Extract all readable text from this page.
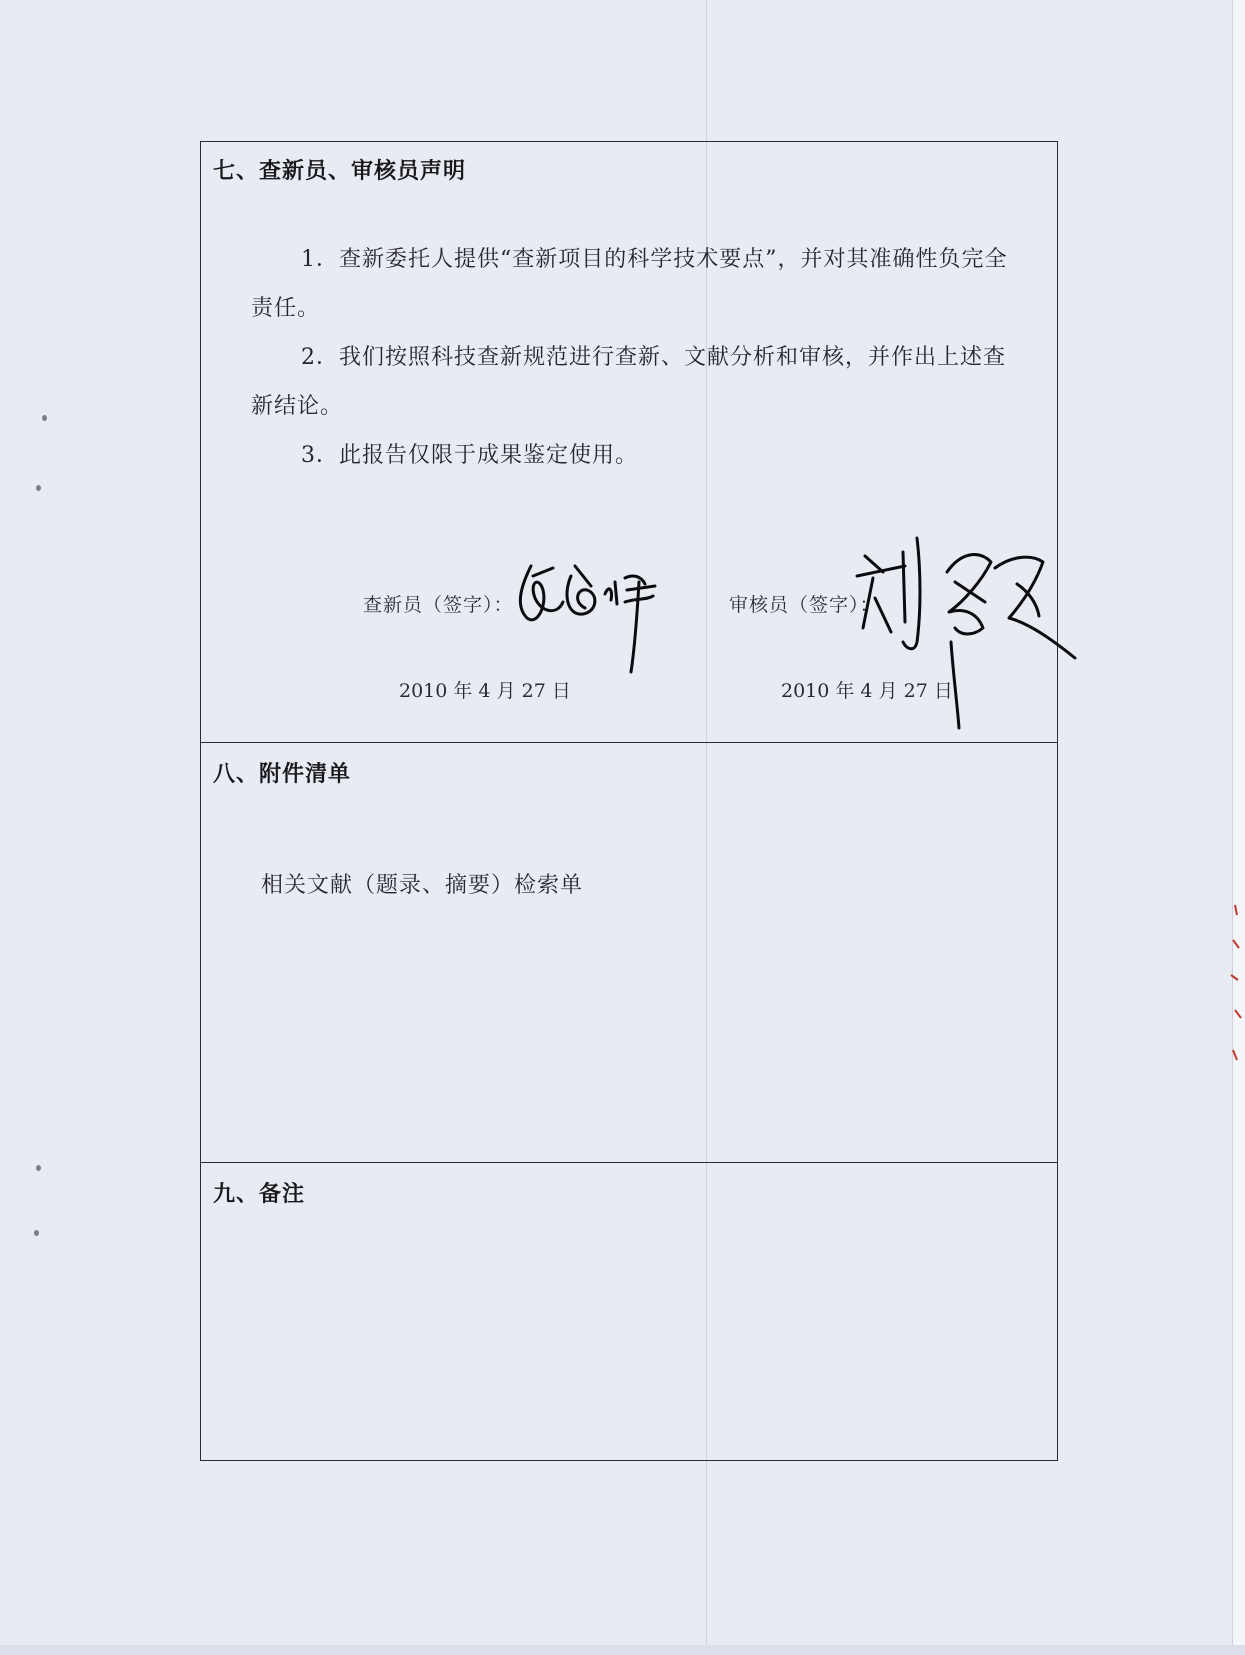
七、查新员、审核员声明
1．查新委托人提供“查新项目的科学技术要点”，并对其准确性负完全责任。
2．我们按照科技查新规范进行查新、文献分析和审核，并作出上述查新结论。
3．此报告仅限于成果鉴定使用。
查新员（签字）：
2010 年 4 月 27 日
审核员（签字）：
2010 年 4 月 27 日
八、附件清单
相关文献（题录、摘要）检索单
九、备注
